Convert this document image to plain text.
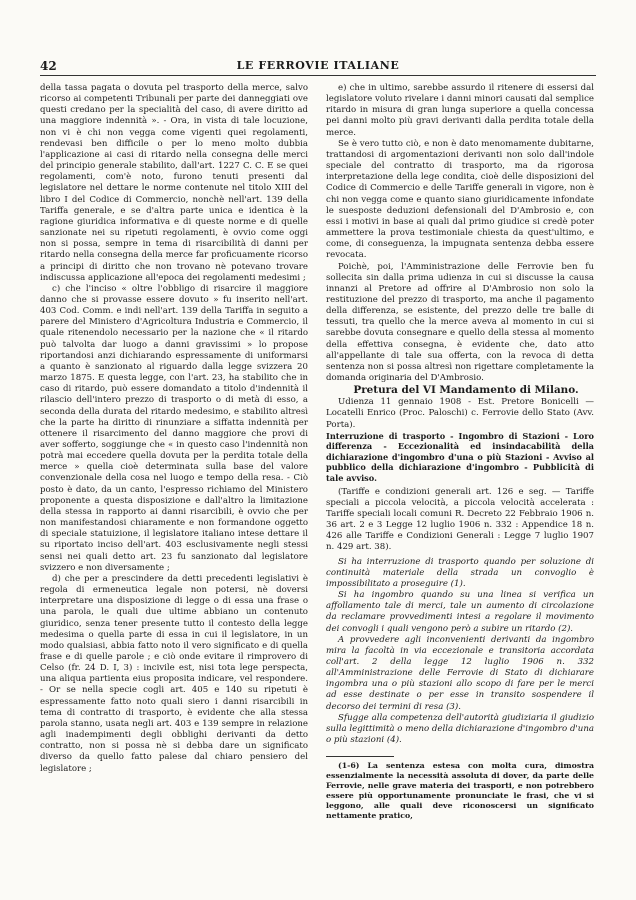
42	LE FERROVIE ITALIANE

della tassa pagata o dovuta pel trasporto della merce, salvo ricorso ai competenti Tribunali per parte dei danneggiati ove questi credano per la specialità del caso, di avere diritto ad una maggiore indennità ». - Ora, in vista di tale locuzione, non vi è chi non vegga come vigenti quei regolamenti, rendevasi ben difficile o per lo meno molto dubbia l'applicazione ai casi di ritardo nella consegna delle merci del principio generale stabilito, dall'art. 1227 C. C. E se quei regolamenti, com'è noto, furono tenuti presenti dal legislatore nel dettare le norme contenute nel titolo XIII del libro I del Codice di Commercio, nonchè nell'art. 139 della Tariffa generale, e se d'altra parte unica e identica è la ragione giuridica informativa e di queste norme e di quelle sanzionate nei su ripetuti regolamenti, è ovvio come oggi non si possa, sempre in tema di risarcibilità di danni per ritardo nella consegna della merce far proficuamente ricorso a principi di diritto che non trovano nè potevano trovare indiscussa applicazione all'epoca dei regolamenti medesimi ;

c) che l'inciso « oltre l'obbligo di risarcire il maggiore danno che si provasse essere dovuto » fu inserito nell'art. 403 Cod. Comm. e indi nell'art. 139 della Tariffa in seguito a parere del Ministero d'Agricoltura Industria e Commercio, il quale ritenendolo necessario per la nazione che « il ritardo può talvolta dar luogo a danni gravissimi » lo propose riportandosi anzi dichiarando espressamente di uniformarsi a quanto è sanzionato al riguardo dalla legge svizzera 20 marzo 1875. E questa legge, con l'art. 23, ha stabilito che in caso di ritardo, può essere domandato a titolo d'indennità il rilascio dell'intero prezzo di trasporto o di metà di esso, a seconda della durata del ritardo medesimo, e stabilito altresì che la parte ha diritto di rinunziare a siffatta indennità per ottenere il risarcimento del danno maggiore che provi di aver sofferto, soggiunge che « in questo caso l'indennità non potrà mai eccedere quella dovuta per la perdita totale della merce » quella cioè determinata sulla base del valore convenzionale della cosa nel luogo e tempo della resa. - Ciò posto è dato, da un canto, l'espresso richiamo del Ministero proponente a questa disposizione e dall'altro la limitazione della stessa in rapporto ai danni risarcibili, è ovvio che per non manifestandosi chiaramente e non formandone oggetto di speciale statuizione, il legislatore italiano intese dettare il su riportato inciso dell'art. 403 esclusivamente negli stessi sensi nei quali detto art. 23 fu sanzionato dal legislatore svizzero e non diversamente ;

d) che per a prescindere da detti precedenti legislativi è regola di ermeneutica legale non potersi, nè doversi interpretare una disposizione di legge o di essa una frase o una parola, le quali due ultime abbiano un contenuto giuridico, senza tener presente tutto il contesto della legge medesima o quella parte di essa in cui il legislatore, in un modo qualsiasi, abbia fatto noto il vero significato e di quella frase e di quelle parole ; e ciò onde evitare il rimprovero di Celso (fr. 24 D. I, 3) : incivile est, nisi tota lege perspecta, una aliqua partienta eius proposita indicare, vel respondere. - Or se nella specie cogli art. 405 e 140 su ripetuti è espressamente fatto noto quali siero i danni risarcibili in tema di contratto di trasporto, è evidente che alla stessa parola stanno, usata negli art. 403 e 139 sempre in relazione agli inadempimenti degli obblighi derivanti da detto contratto, non si possa nè si debba dare un significato diverso da quello fatto palese dal chiaro pensiero del legislatore ;

e) che in ultimo, sarebbe assurdo il ritenere di essersi dal legislatore voluto rivelare i danni minori causati dal semplice ritardo in misura di gran lunga superiore a quella concessa pei danni molto più gravi derivanti dalla perdita totale della merce.

Se è vero tutto ciò, e non è dato menomamente dubitarne, trattandosi di argomentazioni derivanti non solo dall'indole speciale del contratto di trasporto, ma da rigorosa interpretazione della lege condita, cioè delle disposizioni del Codice di Commercio e delle Tariffe generali in vigore, non è chi non vegga come e quanto siano giuridicamente infondate le suesposte deduzioni defensionali del D'Ambrosio e, con essi i motivi in base ai quali dal primo giudice si credè poter ammettere la prova testimoniale chiesta da quest'ultimo, e come, di conseguenza, la impugnata sentenza debba essere revocata.

Poichè, poi, l'Amministrazione delle Ferrovie ben fu sollecita sin dalla prima udienza in cui si discusse la causa innanzi al Pretore ad offrire al D'Ambrosio non solo la restituzione del prezzo di trasporto, ma anche il pagamento della differenza, se esistente, del prezzo delle tre balle di tessuti, tra quello che la merce aveva al momento in cui si sarebbe dovuta consegnare e quello della stessa al momento della effettiva consegna, è evidente che, dato atto all'appellante di tale sua offerta, con la revoca di detta sentenza non si possa altresì non rigettare completamente la domanda originaria del D'Ambrosio.

Pretura del VI Mandamento di Milano.

Udienza 11 gennaio 1908 - Est. Pretore Bonicelli — Locatelli Enrico (Proc. Paloschi) c. Ferrovie dello Stato (Avv. Porta).

Interruzione di trasporto - Ingombro di Stazioni - Loro differenza - Eccezionalità ed insindacabilità della dichiarazione d'ingombro d'una o più Stazioni - Avviso al pubblico della dichiarazione d'ingombro - Pubblicità di tale avviso.

(Tariffe e condizioni generali art. 126 e seg. — Tariffe speciali a piccola velocità, a piccola velocità accelerata : Tariffe speciali locali comuni R. Decreto 22 Febbraio 1906 n. 36 art. 2 e 3 Legge 12 luglio 1906 n. 332 : Appendice 18 n. 426 alle Tariffe e Condizioni Generali : Legge 7 luglio 1907 n. 429 art. 38).

Si ha interruzione di trasporto quando per soluzione di continuità materiale della strada un convoglio è impossibilitato a proseguire (1).

Si ha ingombro quando su una linea si verifica un affollamento tale di merci, tale un aumento di circolazione da reclamare provvedimenti intesi a regolare il movimento dei convogli i quali vengono però a subire un ritardo (2).

A provvedere agli inconvenienti derivanti da ingombro mira la facoltà in via eccezionale e transitoria accordata coll'art. 2 della legge 12 luglio 1906 n. 332 all'Amministrazione delle Ferrovie di Stato di dichiarare ingombra una o più stazioni allo scopo di fare per le merci ad esse destinate o per esse in transito sospendere il decorso dei termini di resa (3).

Sfugge alla competenza dell'autorità giudiziaria il giudizio sulla legittimità o meno della dichiarazione d'ingombro d'una o più stazioni (4).

(1-6) La sentenza estesa con molta cura, dimostra essenzialmente la necessità assoluta di dover, da parte delle Ferrovie, nelle grave materia dei trasporti, e non potrebbero essere più opportunamente pronunciate le frasi, che vi si leggono, alle quali deve riconoscersi un significato nettamente pratico,
